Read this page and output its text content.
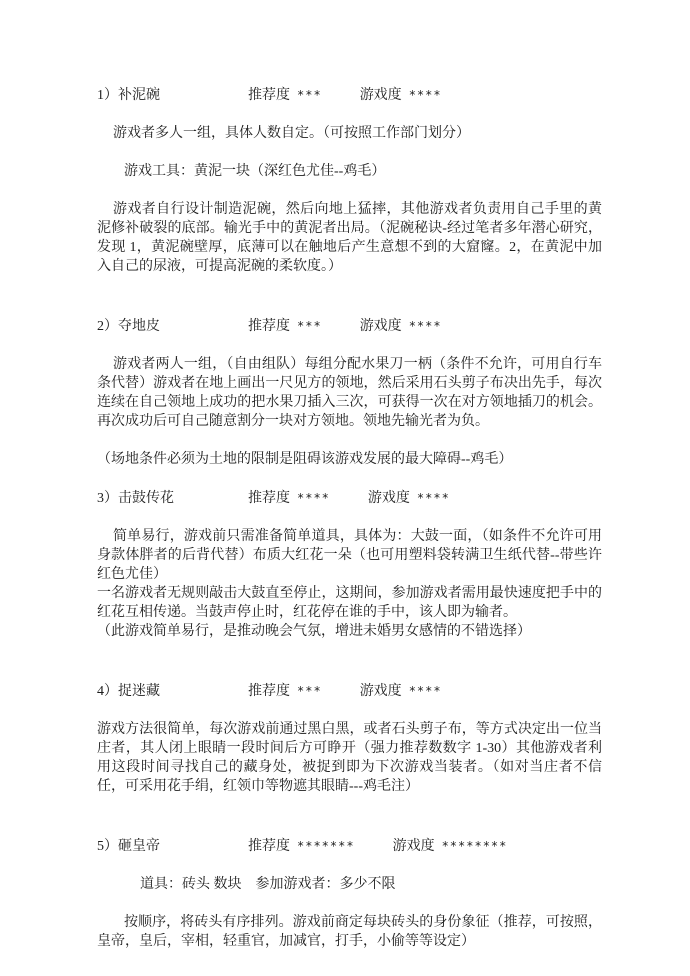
1）补泥碗	推荐度 ***	游戏度 ****

游戏者多人一组，具体人数自定。（可按照工作部门划分）

游戏工具：黄泥一块（深红色尤佳--鸡毛）

游戏者自行设计制造泥碗，然后向地上猛摔，其他游戏者负责用自己手里的黄泥修补破裂的底部。输光手中的黄泥者出局。（泥碗秘诀-经过笔者多年潜心研究，发现 1，黄泥碗壁厚，底薄可以在触地后产生意想不到的大窟窿。2，在黄泥中加入自己的尿液，可提高泥碗的柔软度。）

2）夺地皮	推荐度 ***	游戏度 ****

游戏者两人一组，（自由组队）每组分配水果刀一柄（条件不允许，可用自行车条代替）游戏者在地上画出一尺见方的领地，然后采用石头剪子布决出先手，每次连续在自己领地上成功的把水果刀插入三次，可获得一次在对方领地插刀的机会。再次成功后可自己随意割分一块对方领地。领地先输光者为负。

（场地条件必须为土地的限制是阻碍该游戏发展的最大障碍--鸡毛）

3）击鼓传花	推荐度 ****	游戏度 ****

简单易行，游戏前只需准备简单道具，具体为：大鼓一面，（如条件不允许可用身款体胖者的后背代替）布质大红花一朵（也可用塑料袋转满卫生纸代替--带些许红色尤佳）

一名游戏者无规则敲击大鼓直至停止，这期间，参加游戏者需用最快速度把手中的红花互相传递。当鼓声停止时，红花停在谁的手中，该人即为输者。

（此游戏简单易行，是推动晚会气氛，增进未婚男女感情的不错选择）

4）捉迷藏	推荐度 ***	游戏度 ****

游戏方法很简单，每次游戏前通过黑白黑，或者石头剪子布，等方式决定出一位当庄者，其人闭上眼睛一段时间后方可睁开（强力推荐数数字 1-30）其他游戏者利用这段时间寻找自己的藏身处，被捉到即为下次游戏当装者。（如对当庄者不信任，可采用花手绢，红领巾等物遮其眼睛---鸡毛注）

5）砸皇帝	推荐度 *******	游戏度 ********

道具：砖头 数块　参加游戏者：多少不限

按顺序，将砖头有序排列。游戏前商定每块砖头的身份象征（推荐，可按照，皇帝，皇后，宰相，轻重官，加减官，打手，小偷等等设定）
